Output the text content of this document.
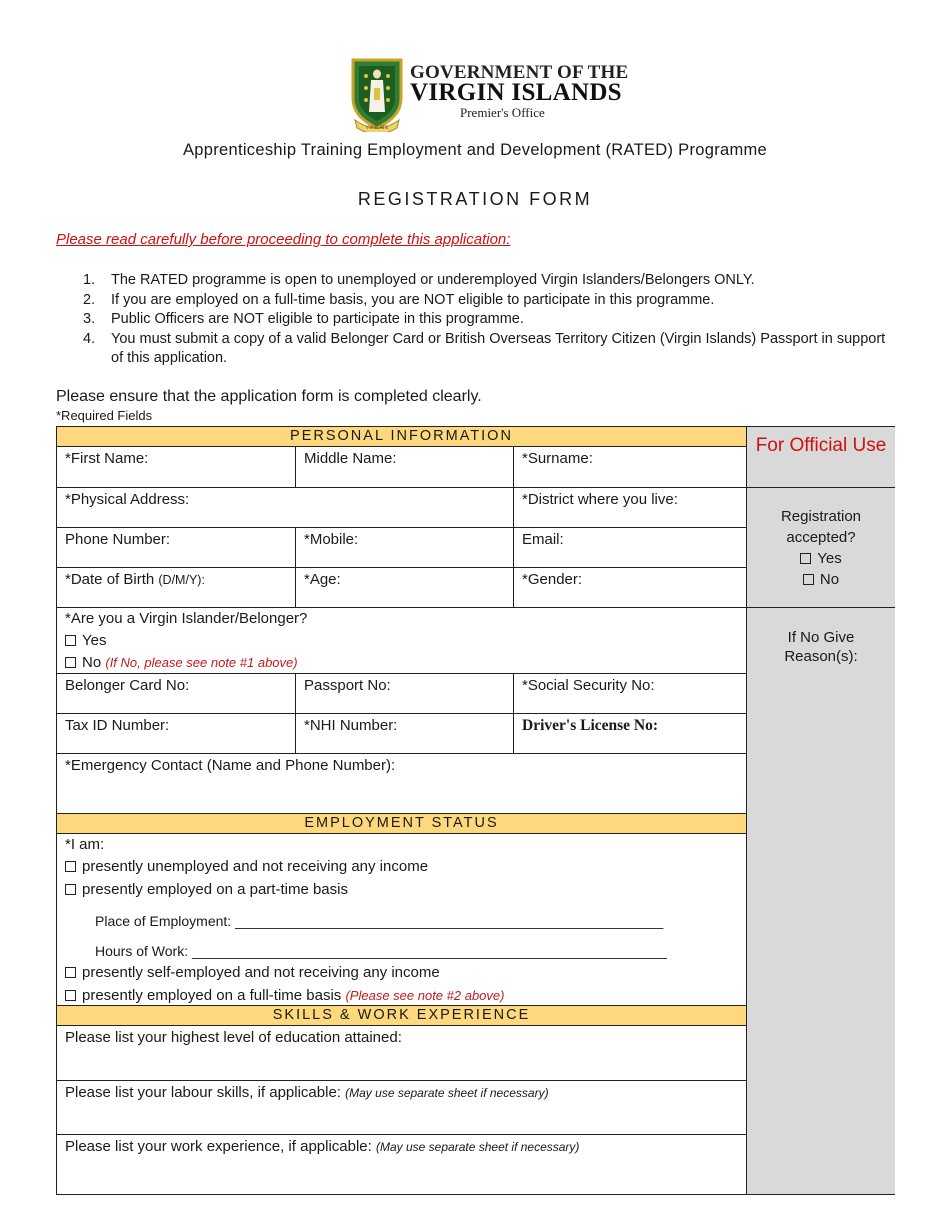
VIGILATE
GOVERNMENT OF THE
VIRGIN ISLANDS
Premier's Office
Apprenticeship Training Employment and Development (RATED) Programme
REGISTRATION FORM
Please read carefully before proceeding to complete this application:
1. The RATED programme is open to unemployed or underemployed Virgin Islanders/Belongers ONLY.
2. If you are employed on a full-time basis, you are NOT eligible to participate in this programme.
3. Public Officers are NOT eligible to participate in this programme.
4. You must submit a copy of a valid Belonger Card or British Overseas Territory Citizen (Virgin Islands) Passport in support of this application.
Please ensure that the application form is completed clearly.
*Required Fields
PERSONAL INFORMATION
*First Name:	Middle Name:	*Surname:
*Physical Address:	*District where you live:
Phone Number:	*Mobile:	Email:
*Date of Birth (D/M/Y):	*Age:	*Gender:
*Are you a Virgin Islander/Belonger?
Yes
No (If No, please see note #1 above)
Belonger Card No:	Passport No:	*Social Security No:
Tax ID Number:	*NHI Number:	Driver's License No:
*Emergency Contact (Name and Phone Number):
EMPLOYMENT STATUS
*I am:
presently unemployed and not receiving any income
presently employed on a part-time basis
Place of Employment: _______________________________________________________
Hours of Work: _____________________________________________________________
presently self-employed and not receiving any income
presently employed on a full-time basis (Please see note #2 above)
SKILLS & WORK EXPERIENCE
Please list your highest level of education attained:
Please list your labour skills, if applicable: (May use separate sheet if necessary)
Please list your work experience, if applicable: (May use separate sheet if necessary)
For Official Use
Registration accepted?
Yes
No
If No Give Reason(s):
